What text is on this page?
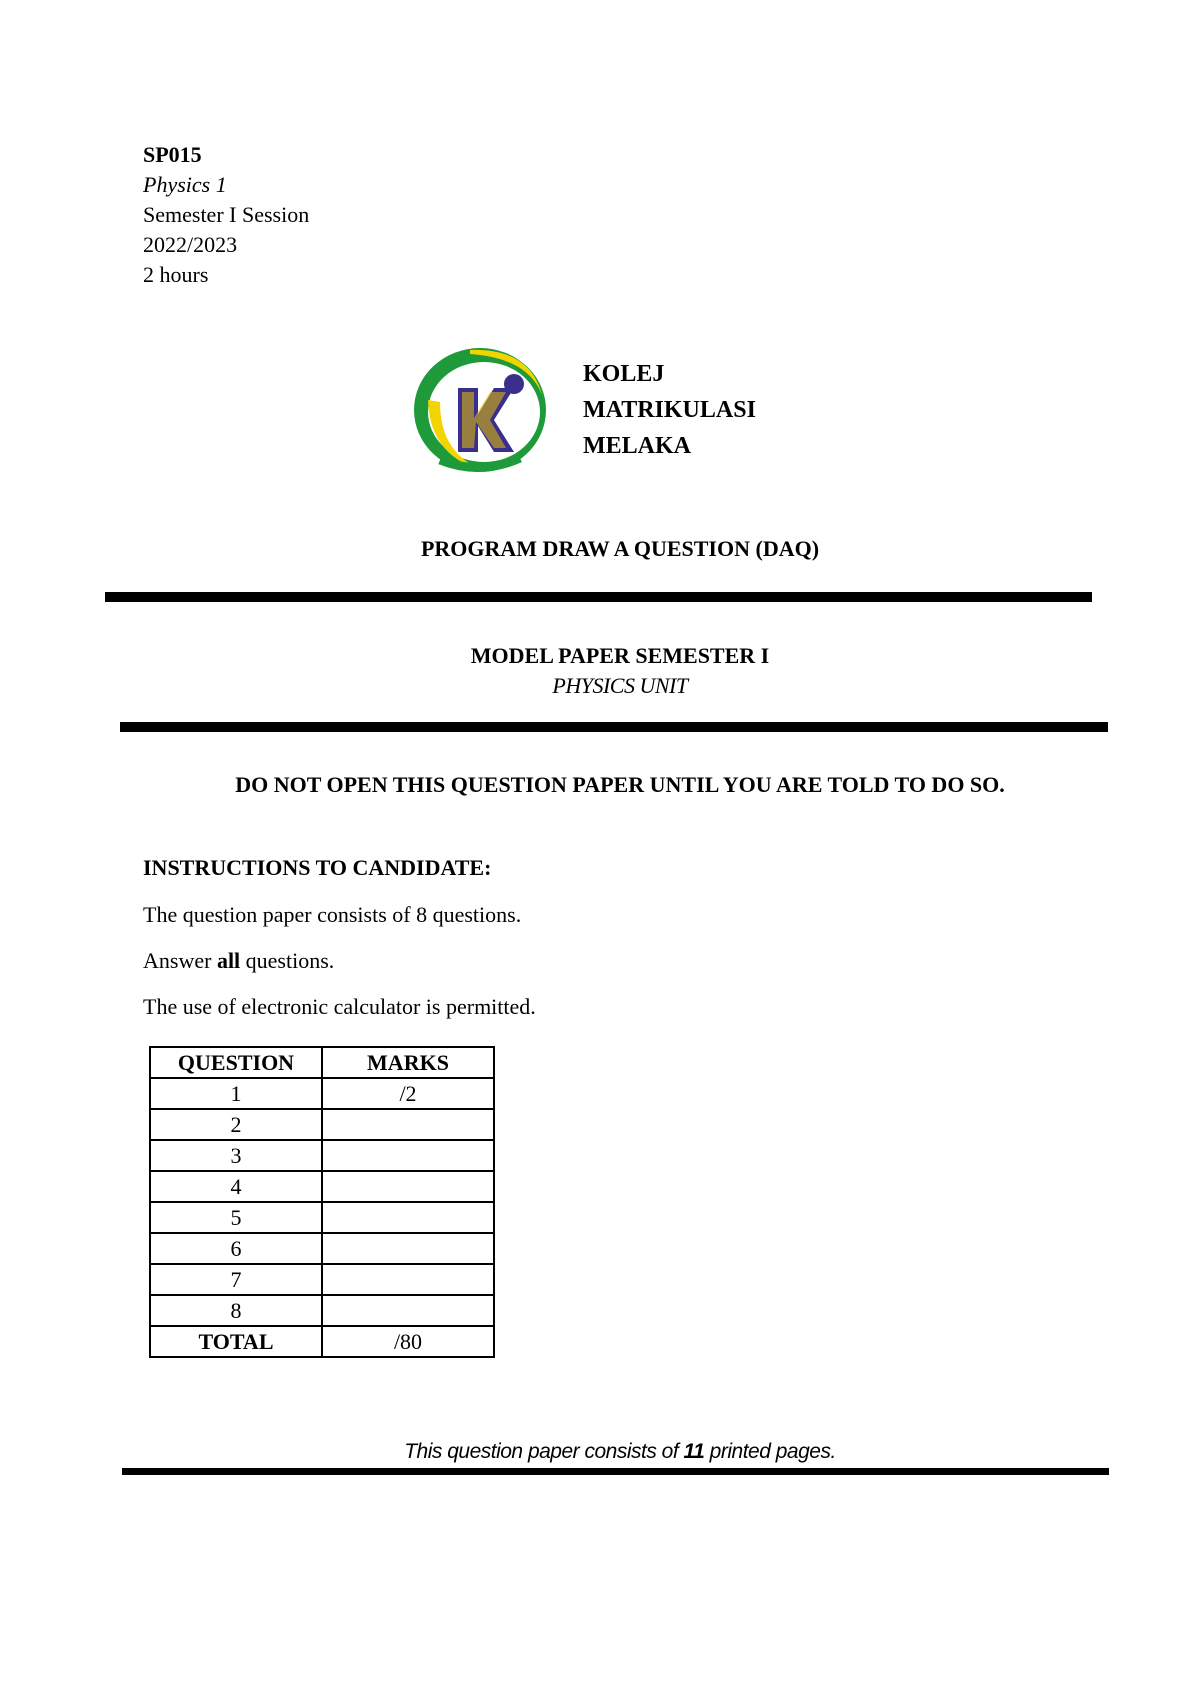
SP015
Physics 1
Semester I Session
2022/2023
2 hours
KOLEJ
MATRIKULASI
MELAKA
PROGRAM DRAW A QUESTION (DAQ)
MODEL PAPER SEMESTER I
PHYSICS UNIT
DO NOT OPEN THIS QUESTION PAPER UNTIL YOU ARE TOLD TO DO SO.
INSTRUCTIONS TO CANDIDATE:
The question paper consists of 8 questions.
Answer all questions.
The use of electronic calculator is permitted.
QUESTION	MARKS
1	/2
2	
3	
4	
5	
6	
7	
8	
TOTAL	/80
This question paper consists of 11 printed pages.
